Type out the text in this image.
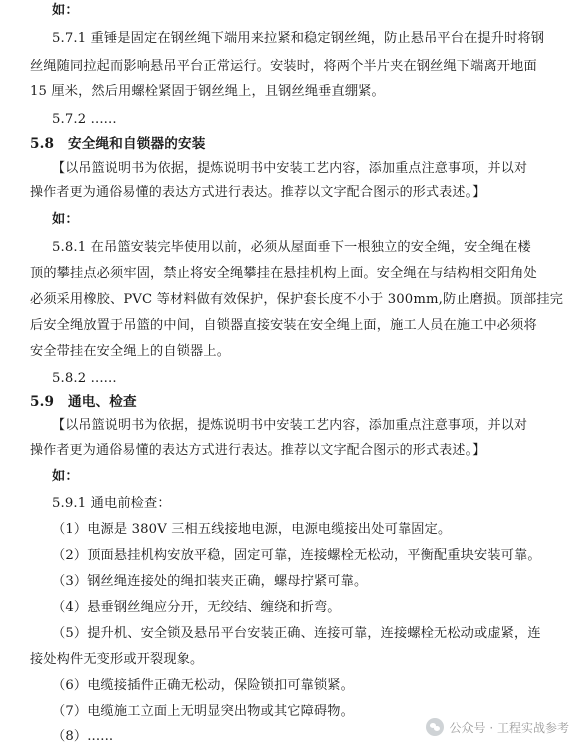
如：
5.7.1 重锤是固定在钢丝绳下端用来拉紧和稳定钢丝绳，防止悬吊平台在提升时将钢
丝绳随同拉起而影响悬吊平台正常运行。安装时，将两个半片夹在钢丝绳下端离开地面
15 厘米，然后用螺栓紧固于钢丝绳上，且钢丝绳垂直绷紧。
5.7.2 ......
5.8 安全绳和自锁器的安装
【以吊篮说明书为依据，提炼说明书中安装工艺内容，添加重点注意事项，并以对
操作者更为通俗易懂的表达方式进行表达。推荐以文字配合图示的形式表述。】
如：
5.8.1 在吊篮安装完毕使用以前，必须从屋面垂下一根独立的安全绳，安全绳在楼
顶的攀挂点必须牢固，禁止将安全绳攀挂在悬挂机构上面。安全绳在与结构相交阳角处
必须采用橡胶、PVC 等材料做有效保护，保护套长度不小于 300mm,防止磨损。顶部挂完
后安全绳放置于吊篮的中间，自锁器直接安装在安全绳上面，施工人员在施工中必须将
安全带挂在安全绳上的自锁器上。
5.8.2 ......
5.9 通电、检查
【以吊篮说明书为依据，提炼说明书中安装工艺内容，添加重点注意事项，并以对
操作者更为通俗易懂的表达方式进行表达。推荐以文字配合图示的形式表述。】
如：
5.9.1 通电前检查：
（1）电源是 380V 三相五线接地电源，电源电缆接出处可靠固定。
（2）顶面悬挂机构安放平稳，固定可靠，连接螺栓无松动，平衡配重块安装可靠。
（3）钢丝绳连接处的绳扣装夹正确，螺母拧紧可靠。
（4）悬垂钢丝绳应分开，无绞结、缠绕和折弯。
（5）提升机、安全锁及悬吊平台安装正确、连接可靠，连接螺栓无松动或虚紧，连
接处构件无变形或开裂现象。
（6）电缆接插件正确无松动，保险锁扣可靠锁紧。
（7）电缆施工立面上无明显突出物或其它障碍物。
（8）......
公众号 · 工程实战参考
